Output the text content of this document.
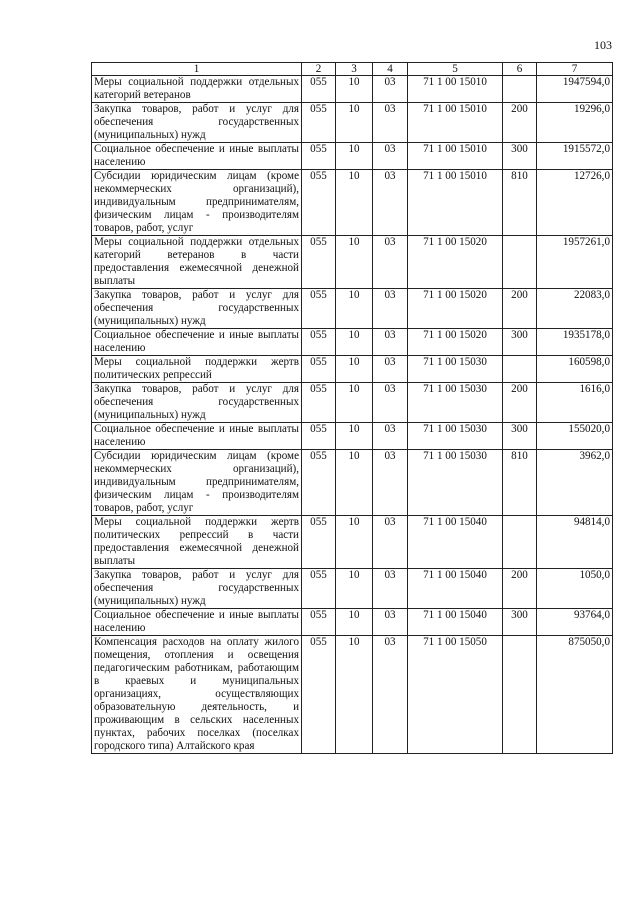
103
1	2	3	4	5	6	7
Меры социальной поддержки отдельных категорий ветеранов	055	10	03	71 1 00 15010		1947594,0
Закупка товаров, работ и услуг для обеспечения государственных (муниципальных) нужд	055	10	03	71 1 00 15010	200	19296,0
Социальное обеспечение и иные выплаты населению	055	10	03	71 1 00 15010	300	1915572,0
Субсидии юридическим лицам (кроме некоммерческих организаций), индивидуальным предпринимателям, физическим лицам - производителям товаров, работ, услуг	055	10	03	71 1 00 15010	810	12726,0
Меры социальной поддержки отдельных категорий ветеранов в части предоставления ежемесячной денежной выплаты	055	10	03	71 1 00 15020		1957261,0
Закупка товаров, работ и услуг для обеспечения государственных (муниципальных) нужд	055	10	03	71 1 00 15020	200	22083,0
Социальное обеспечение и иные выплаты населению	055	10	03	71 1 00 15020	300	1935178,0
Меры социальной поддержки жертв политических репрессий	055	10	03	71 1 00 15030		160598,0
Закупка товаров, работ и услуг для обеспечения государственных (муниципальных) нужд	055	10	03	71 1 00 15030	200	1616,0
Социальное обеспечение и иные выплаты населению	055	10	03	71 1 00 15030	300	155020,0
Субсидии юридическим лицам (кроме некоммерческих организаций), индивидуальным предпринимателям, физическим лицам - производителям товаров, работ, услуг	055	10	03	71 1 00 15030	810	3962,0
Меры социальной поддержки жертв политических репрессий в части предоставления ежемесячной денежной выплаты	055	10	03	71 1 00 15040		94814,0
Закупка товаров, работ и услуг для обеспечения государственных (муниципальных) нужд	055	10	03	71 1 00 15040	200	1050,0
Социальное обеспечение и иные выплаты населению	055	10	03	71 1 00 15040	300	93764,0
Компенсация расходов на оплату жилого помещения, отопления и освещения педагогическим работникам, работающим в краевых и муниципальных организациях, осуществляющих образовательную деятельность, и проживающим в сельских населенных пунктах, рабочих поселках (поселках городского типа) Алтайского края	055	10	03	71 1 00 15050		875050,0
